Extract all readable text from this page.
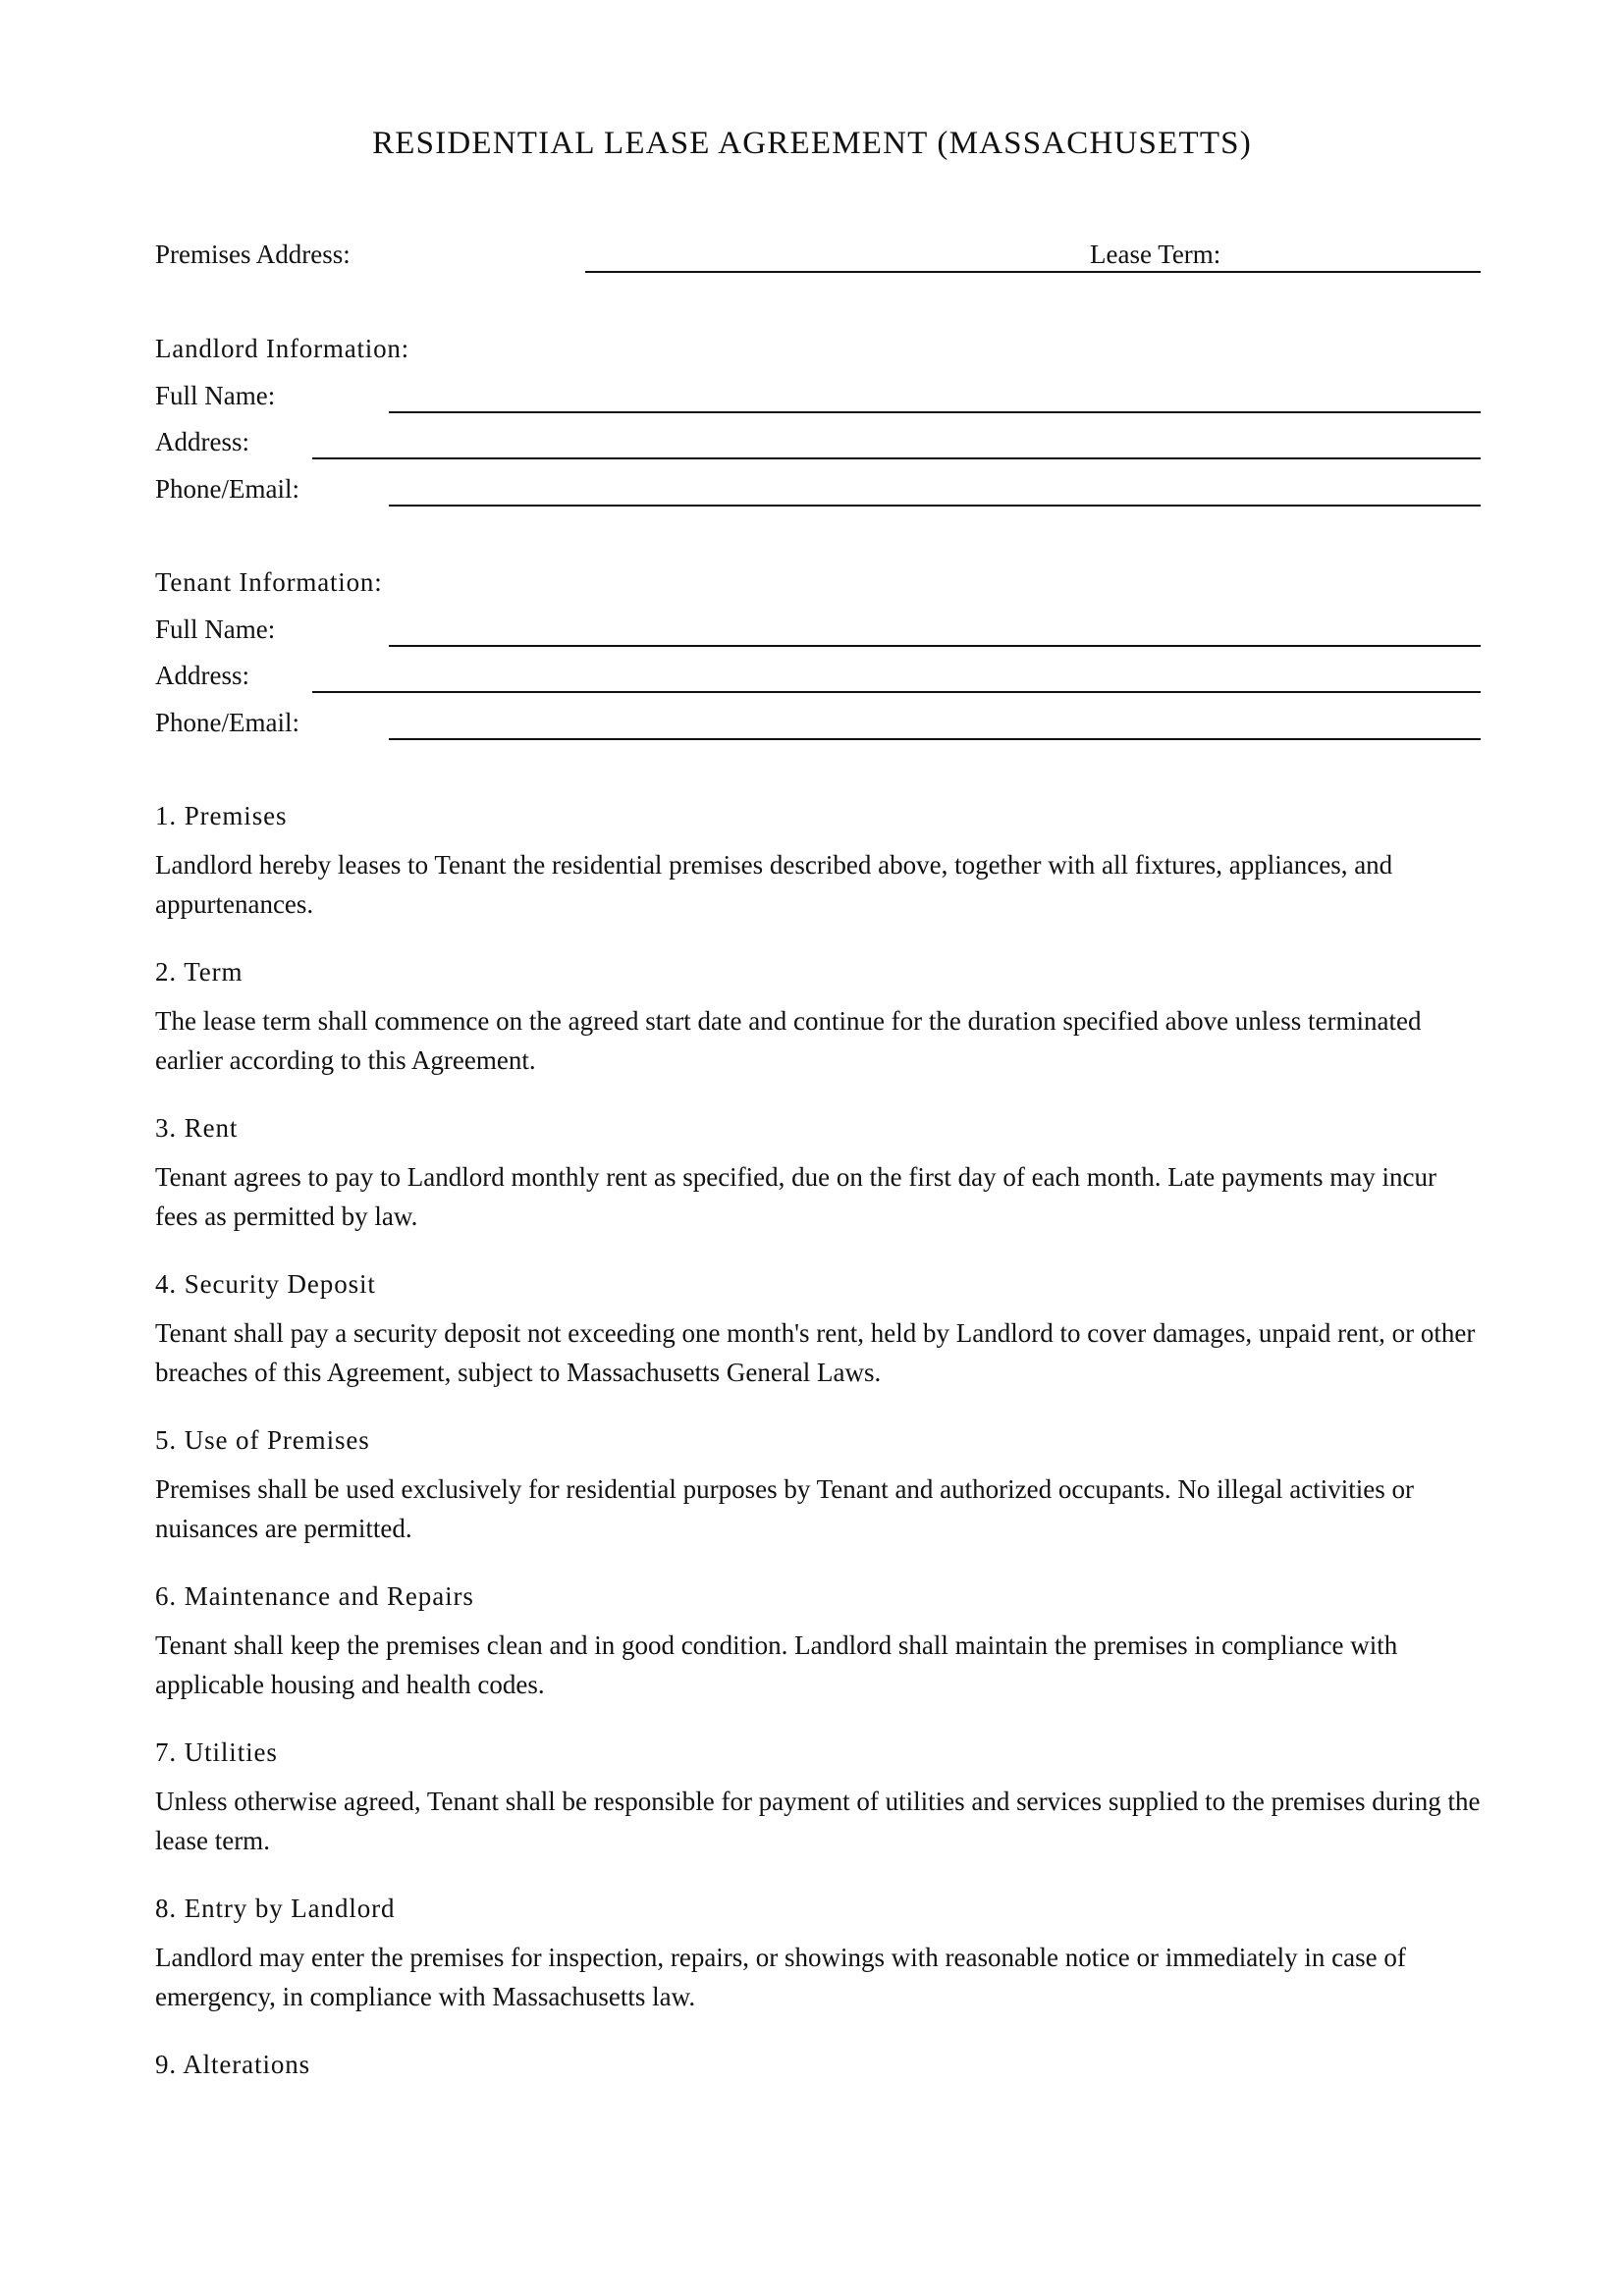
RESIDENTIAL LEASE AGREEMENT (MASSACHUSETTS)
Premises Address:	Lease Term:
Landlord Information:
Full Name:
Address:
Phone/Email:
Tenant Information:
Full Name:
Address:
Phone/Email:

1. Premises

Landlord hereby leases to Tenant the residential premises described above, together with all fixtures, appliances, and appurtenances.

2. Term

The lease term shall commence on the agreed start date and continue for the duration specified above unless terminated earlier according to this Agreement.

3. Rent

Tenant agrees to pay to Landlord monthly rent as specified, due on the first day of each month. Late payments may incur fees as permitted by law.

4. Security Deposit

Tenant shall pay a security deposit not exceeding one month's rent, held by Landlord to cover damages, unpaid rent, or other breaches of this Agreement, subject to Massachusetts General Laws.

5. Use of Premises

Premises shall be used exclusively for residential purposes by Tenant and authorized occupants. No illegal activities or nuisances are permitted.

6. Maintenance and Repairs

Tenant shall keep the premises clean and in good condition. Landlord shall maintain the premises in compliance with applicable housing and health codes.

7. Utilities

Unless otherwise agreed, Tenant shall be responsible for payment of utilities and services supplied to the premises during the lease term.

8. Entry by Landlord

Landlord may enter the premises for inspection, repairs, or showings with reasonable notice or immediately in case of emergency, in compliance with Massachusetts law.

9. Alterations
